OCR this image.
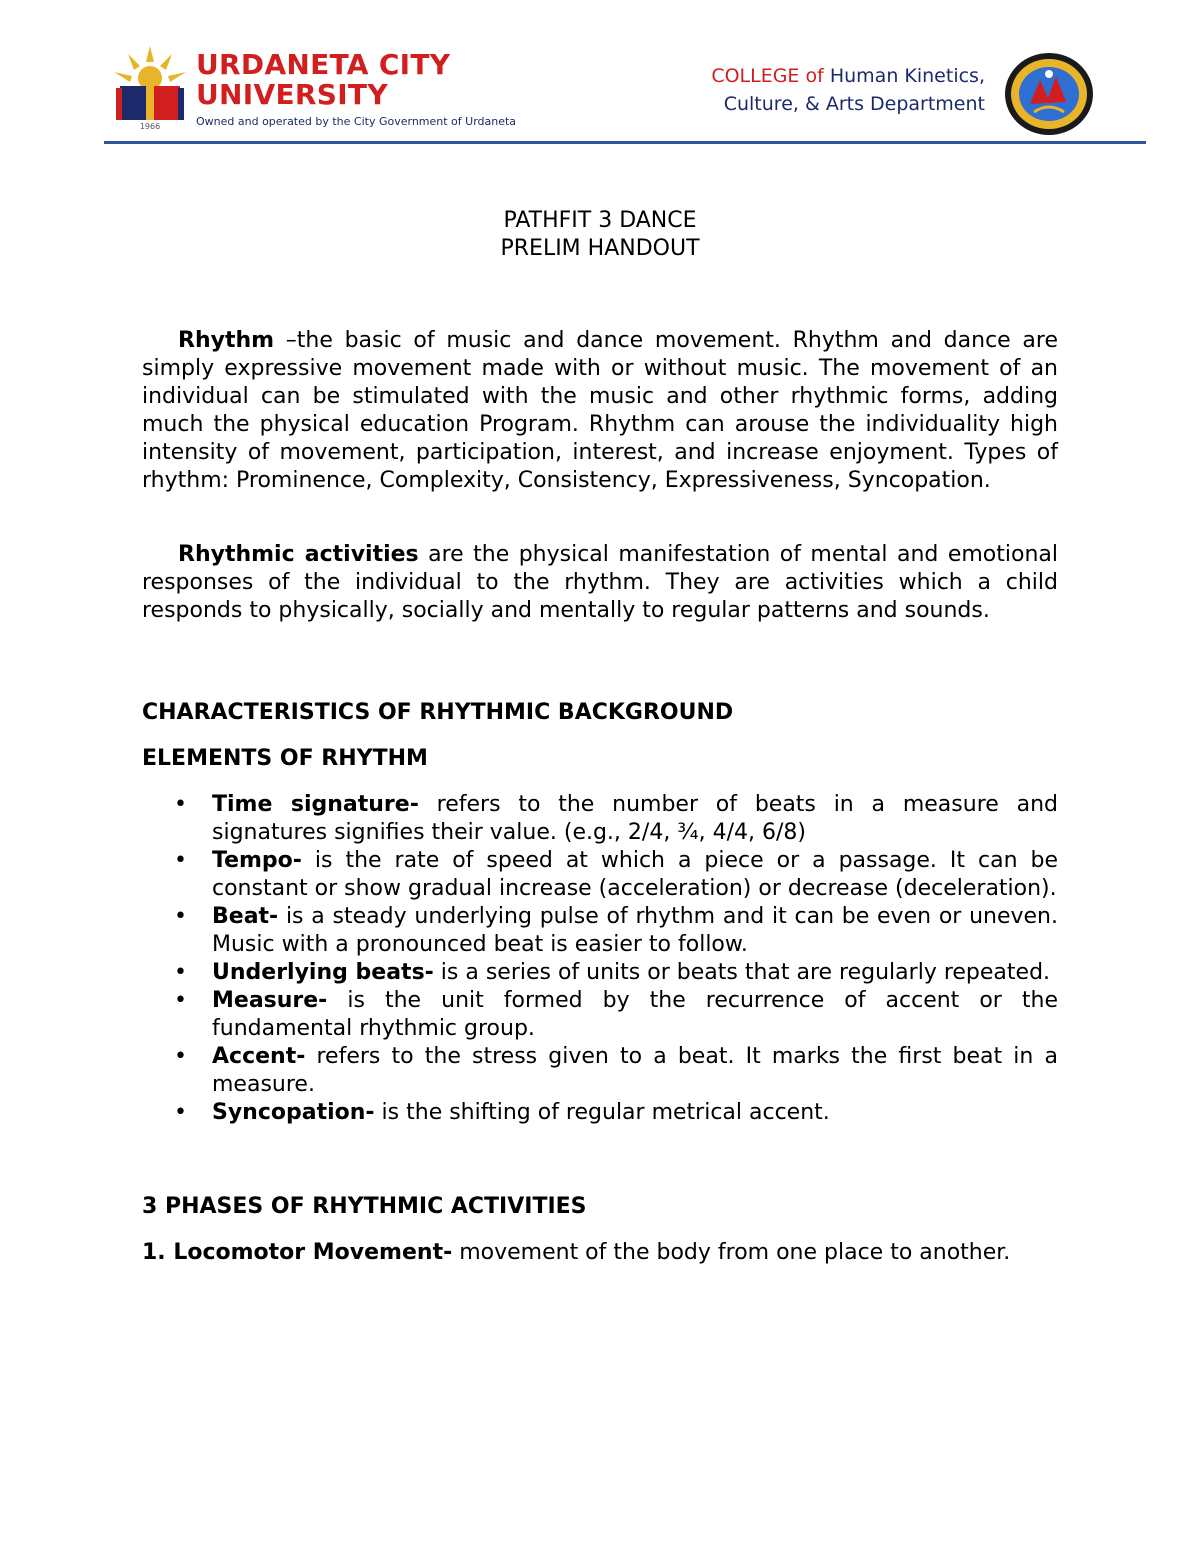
1966
URDANETA CITY
UNIVERSITY
Owned and operated by the City Government of Urdaneta
COLLEGE of Human Kinetics,
Culture, & Arts Department

PATHFIT 3 DANCE

PRELIM HANDOUT

Rhythm –the basic of music and dance movement. Rhythm and dance are simply expressive movement made with or without music. The movement of an individual can be stimulated with the music and other rhythmic forms, adding much the physical education Program. Rhythm can arouse the individuality high intensity of movement, participation, interest, and increase enjoyment. Types of rhythm: Prominence, Complexity, Consistency, Expressiveness, Syncopation.

Rhythmic activities are the physical manifestation of mental and emotional responses of the individual to the rhythm. They are activities which a child responds to physically, socially and mentally to regular patterns and sounds.

CHARACTERISTICS OF RHYTHMIC BACKGROUND

ELEMENTS OF RHYTHM

• Time signature- refers to the number of beats in a measure and signatures signifies their value. (e.g., 2/4, ¾, 4/4, 6/8)
• Tempo- is the rate of speed at which a piece or a passage. It can be constant or show gradual increase (acceleration) or decrease (deceleration).
• Beat- is a steady underlying pulse of rhythm and it can be even or uneven. Music with a pronounced beat is easier to follow.
• Underlying beats- is a series of units or beats that are regularly repeated.
• Measure- is the unit formed by the recurrence of accent or the fundamental rhythmic group.
• Accent- refers to the stress given to a beat. It marks the first beat in a measure.
• Syncopation- is the shifting of regular metrical accent.

3 PHASES OF RHYTHMIC ACTIVITIES

1. Locomotor Movement- movement of the body from one place to another.
